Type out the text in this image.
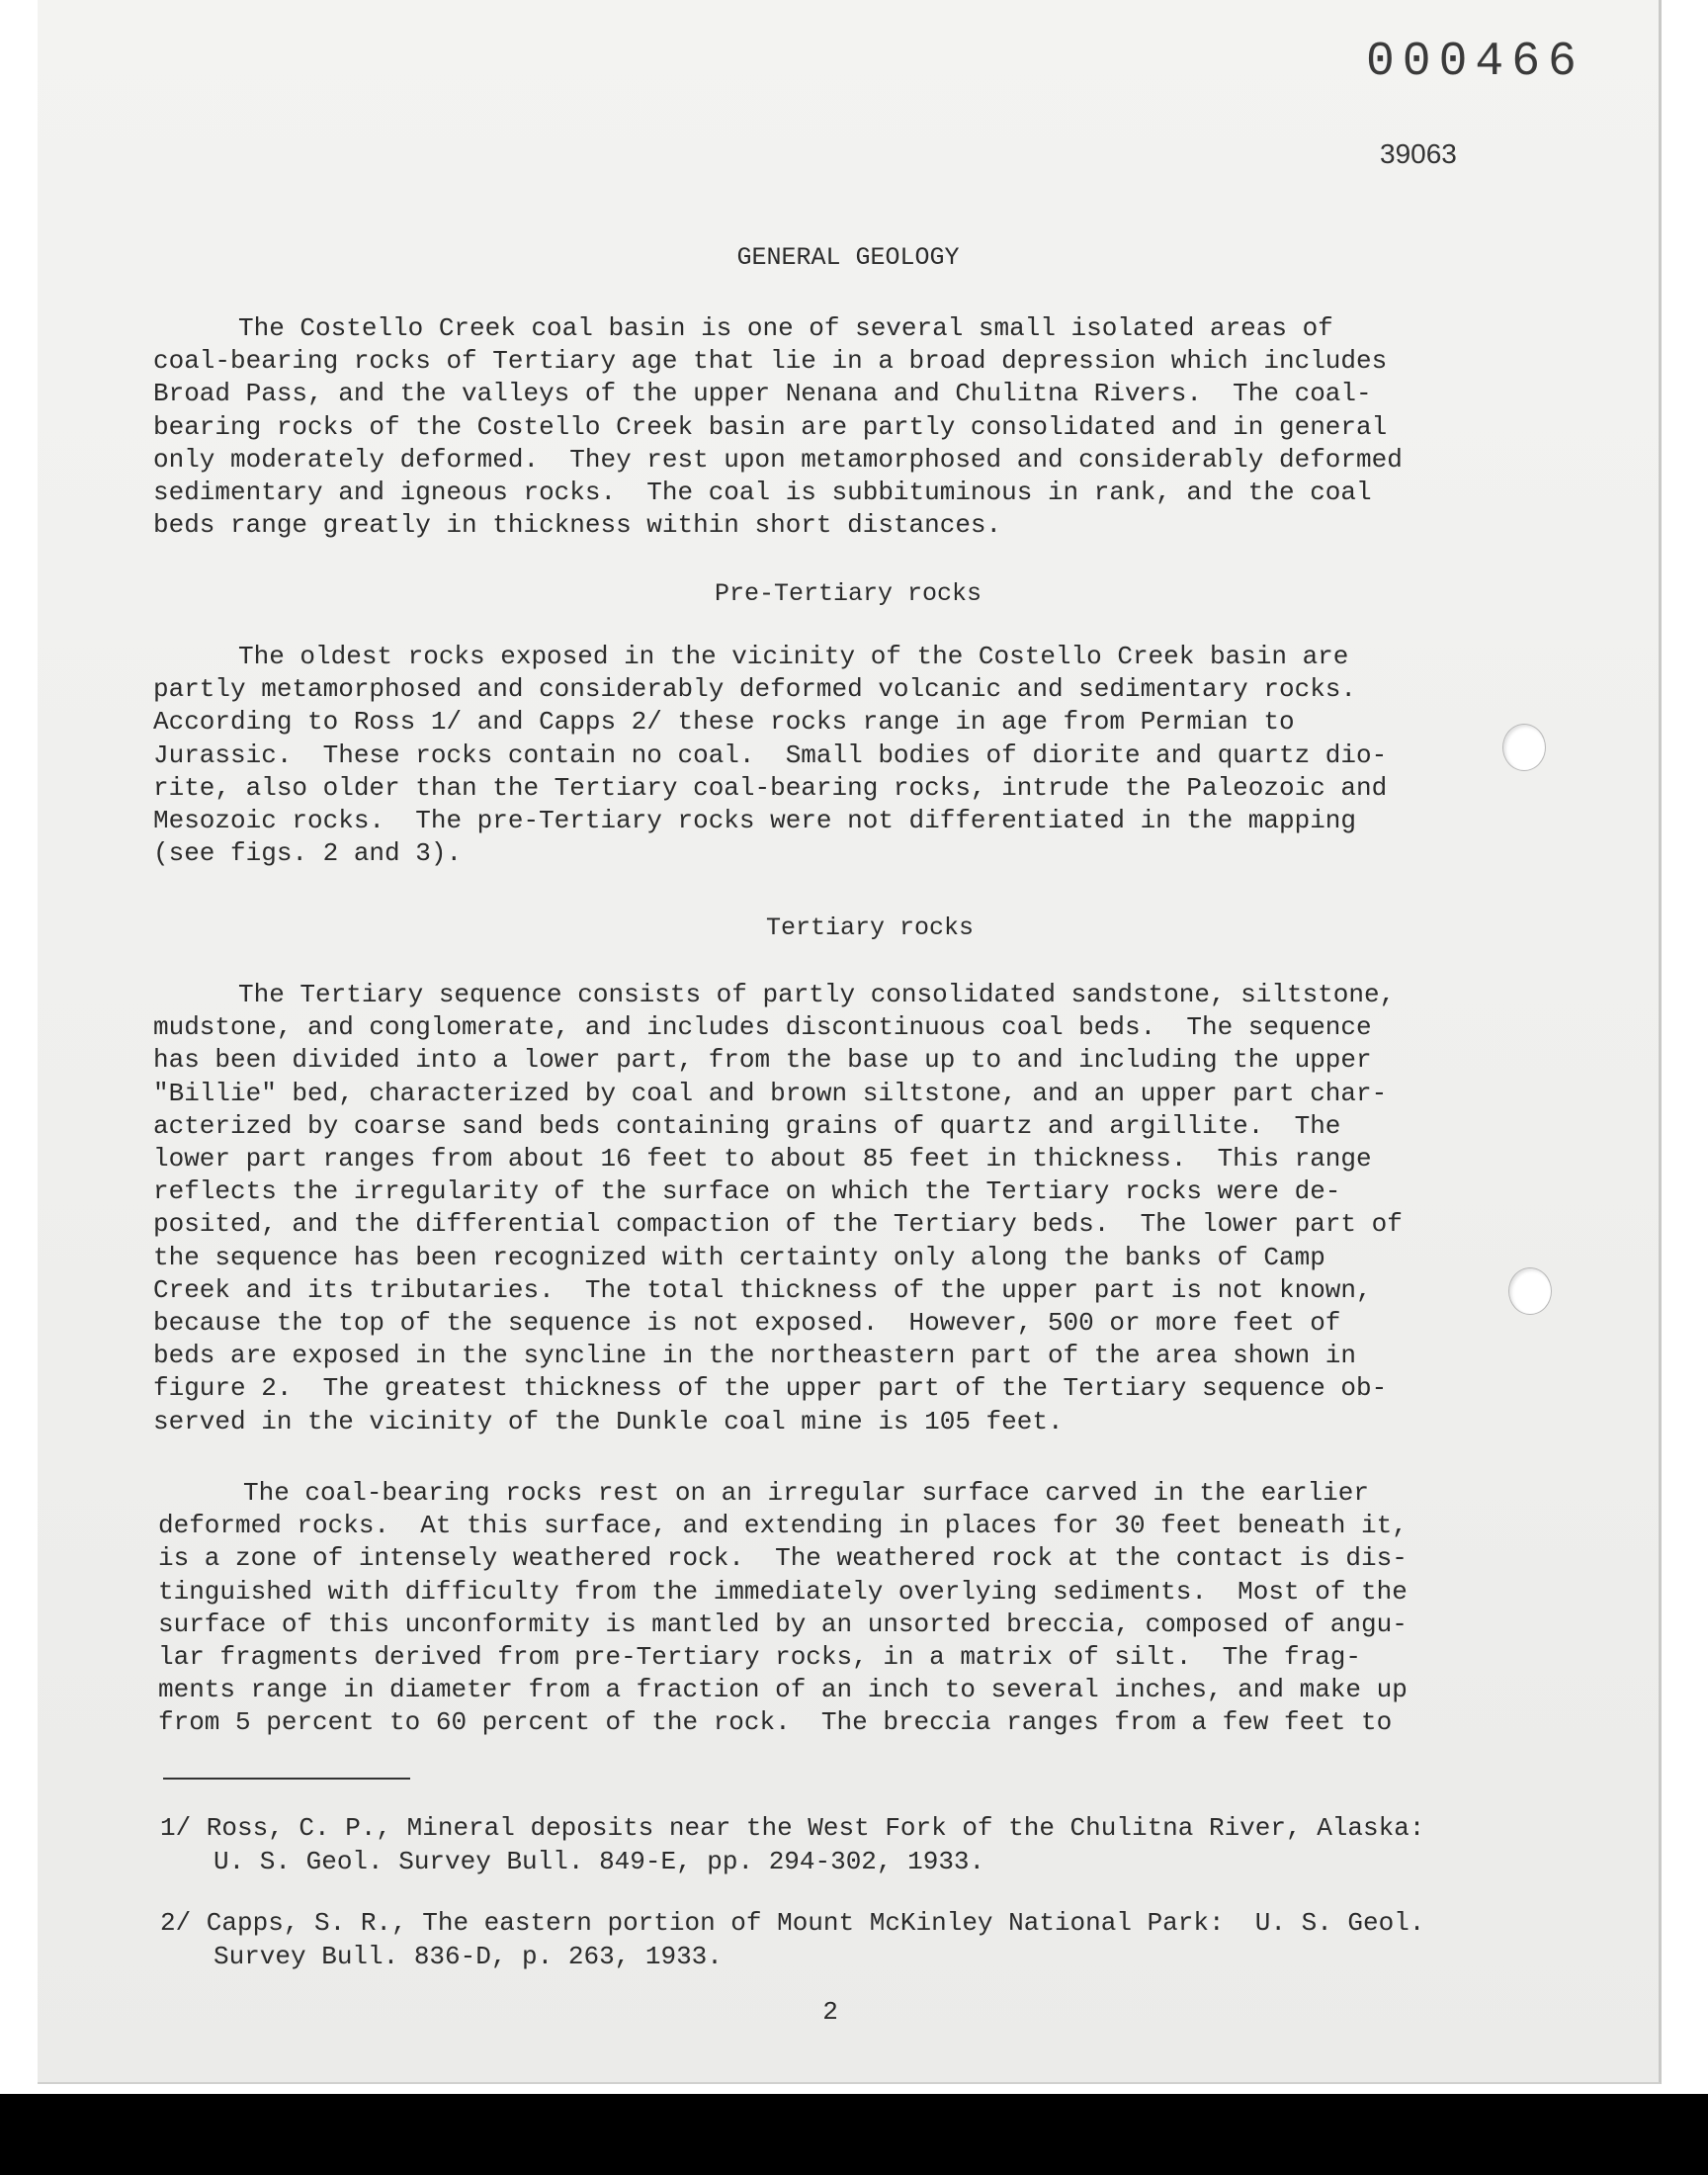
000466
39063
GENERAL GEOLOGY
The Costello Creek coal basin is one of several small isolated areas of
coal-bearing rocks of Tertiary age that lie in a broad depression which includes
Broad Pass, and the valleys of the upper Nenana and Chulitna Rivers.  The coal-
bearing rocks of the Costello Creek basin are partly consolidated and in general
only moderately deformed.  They rest upon metamorphosed and considerably deformed
sedimentary and igneous rocks.  The coal is subbituminous in rank, and the coal
beds range greatly in thickness within short distances.
Pre-Tertiary rocks
The oldest rocks exposed in the vicinity of the Costello Creek basin are
partly metamorphosed and considerably deformed volcanic and sedimentary rocks.
According to Ross 1/ and Capps 2/ these rocks range in age from Permian to
Jurassic.  These rocks contain no coal.  Small bodies of diorite and quartz dio-
rite, also older than the Tertiary coal-bearing rocks, intrude the Paleozoic and
Mesozoic rocks.  The pre-Tertiary rocks were not differentiated in the mapping
(see figs. 2 and 3).
Tertiary rocks
The Tertiary sequence consists of partly consolidated sandstone, siltstone,
mudstone, and conglomerate, and includes discontinuous coal beds.  The sequence
has been divided into a lower part, from the base up to and including the upper
"Billie" bed, characterized by coal and brown siltstone, and an upper part char-
acterized by coarse sand beds containing grains of quartz and argillite.  The
lower part ranges from about 16 feet to about 85 feet in thickness.  This range
reflects the irregularity of the surface on which the Tertiary rocks were de-
posited, and the differential compaction of the Tertiary beds.  The lower part of
the sequence has been recognized with certainty only along the banks of Camp
Creek and its tributaries.  The total thickness of the upper part is not known,
because the top of the sequence is not exposed.  However, 500 or more feet of
beds are exposed in the syncline in the northeastern part of the area shown in
figure 2.  The greatest thickness of the upper part of the Tertiary sequence ob-
served in the vicinity of the Dunkle coal mine is 105 feet.
The coal-bearing rocks rest on an irregular surface carved in the earlier
deformed rocks.  At this surface, and extending in places for 30 feet beneath it,
is a zone of intensely weathered rock.  The weathered rock at the contact is dis-
tinguished with difficulty from the immediately overlying sediments.  Most of the
surface of this unconformity is mantled by an unsorted breccia, composed of angu-
lar fragments derived from pre-Tertiary rocks, in a matrix of silt.  The frag-
ments range in diameter from a fraction of an inch to several inches, and make up
from 5 percent to 60 percent of the rock.  The breccia ranges from a few feet to
1/ Ross, C. P., Mineral deposits near the West Fork of the Chulitna River, Alaska:
U. S. Geol. Survey Bull. 849-E, pp. 294-302, 1933.
2/ Capps, S. R., The eastern portion of Mount McKinley National Park:  U. S. Geol.
Survey Bull. 836-D, p. 263, 1933.
2
